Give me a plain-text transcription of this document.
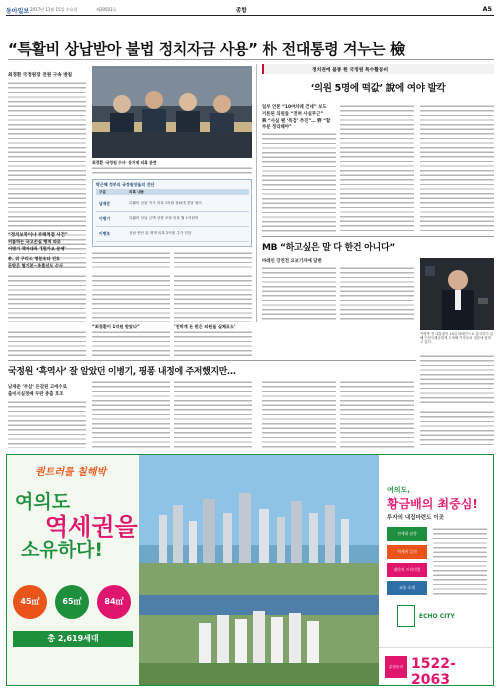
동아일보 2017년 11월 15일 수요일	제29503호	종합	A5
“특활비 상납받아 불법 정치자금 사용” 朴 전대통령 겨누는 檢
최경환 국정원장 전원 구속 방침
최경환 ‘국정원 수사’ 증거제 의혹 관련
박근혜 정부의 국정원장들의 진단
구분	의혹 내용
남재준	특활비 상납 지시 의혹 1억원 청와대 전달 혐의
이병기	특활비 상납 금액 상향 조정 의혹 월 1억원씩
이병호	상납 중단 뒤 재개 의혹 2억원 추가 전달
정치권에 불똥 튄 국정원 특수활동비
‘의원 5명에 떡값’ 說에 여야 발칵
일부 언론 “10여차례 건네” 보도
거론된 의원들 “전혀 사실무근”
與 “사실 땐 ‘특검’ 추진”… 野 “할 부분 정리해야”
MB “하고싶은 말 다 한건 아니다”
바레인 강연전 요보기자에 답변
이명박 전 대통령이 14일 바레인으로 출국하기 위해 인천국제공항에 도착해 기자들의 질문에 답하고 있다.
“정치보복이냐 부패척결 사건”
씨름하는 국고손실 행적 따로
이명기 책자대목 ‘[뭔가요 문제’
朴, 뒤 구리소 명분조타 진토
돈받은 혐기본~초출선도 수사
“최경환이 1억원 받았다”	‘친박계 돈 받은 의원들 실체로도’
국정원 ‘흑역사’ 잘 알았던 이병기, 핑퐁 내정에 주저했지만…
남재준 ‘부삽’ 돈갈된 고에수로
출비서실정배 두란 충출 호조
퀀트러를 칠해박
여의도
역세권을
소유하다!
45㎡	65㎡	84㎡
총 2,619세대
여의도,
황금배의 최중심!
투자의 내집마련도 이곳
전세대 남향
역세권 입지
대단지 프리미엄
교통 호재
ECHO CITY
분양문의 1522-2063
